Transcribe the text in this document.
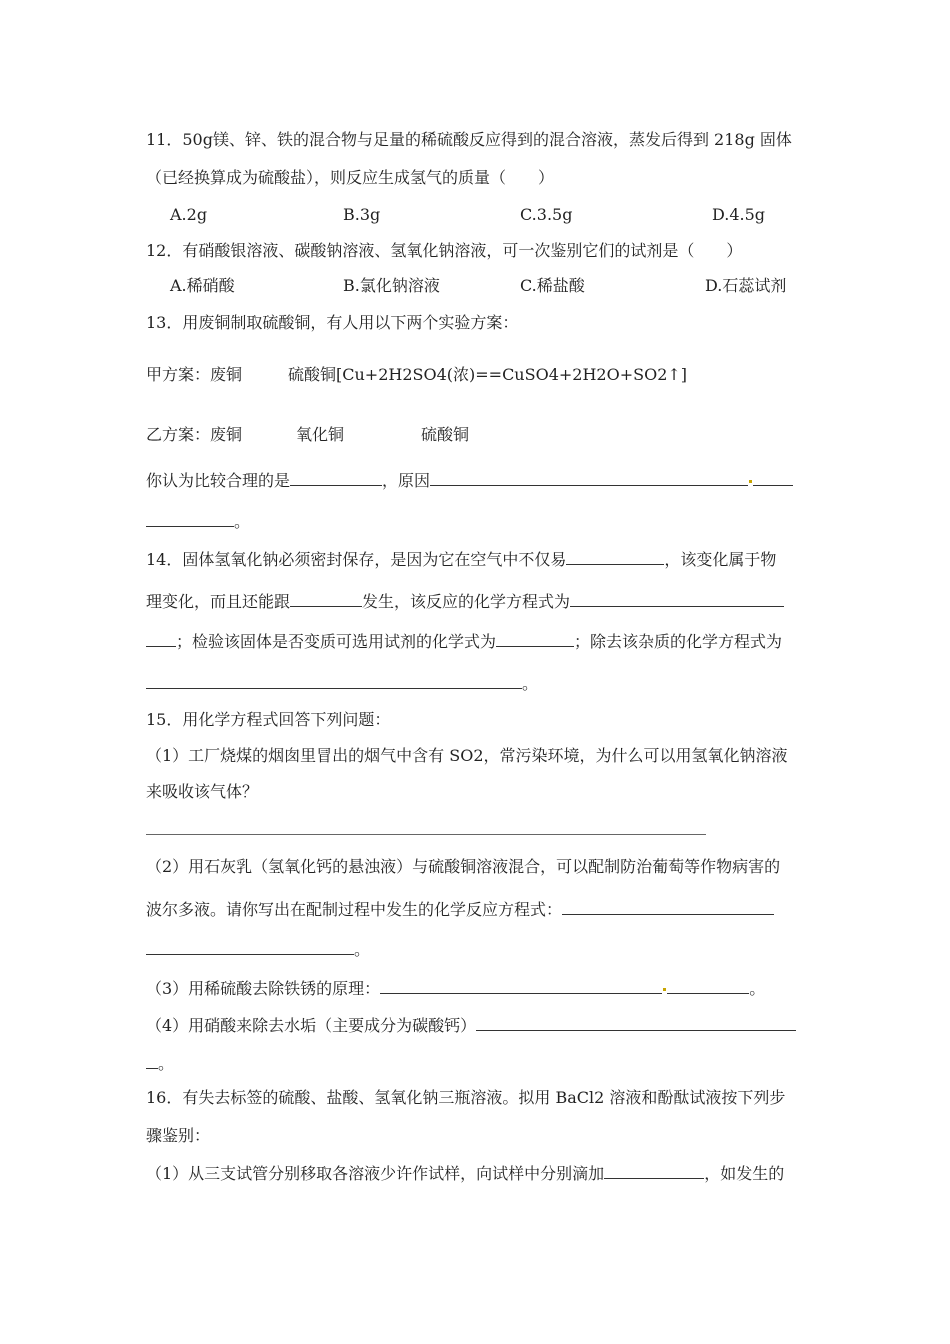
11．50g镁、锌、铁的混合物与足量的稀硫酸反应得到的混合溶液，蒸发后得到 218g 固体
（已经换算成为硫酸盐），则反应生成氢气的质量（　　）
A.2g	B.3g	C.3.5g	D.4.5g
12．有硝酸银溶液、碳酸钠溶液、氢氧化钠溶液，可一次鉴别它们的试剂是（　　）
A.稀硝酸	B.氯化钠溶液	C.稀盐酸	D.石蕊试剂
13．用废铜制取硫酸铜，有人用以下两个实验方案：
甲方案：废铜	硫酸铜[Cu+2H2SO4(浓)==CuSO4+2H2O+SO2↑]
乙方案：废铜	氧化铜	硫酸铜
你认为比较合理的是	，原因
。
14．固体氢氧化钠必须密封保存，是因为它在空气中不仅易	，该变化属于物
理变化，而且还能跟	发生，该反应的化学方程式为
；检验该固体是否变质可选用试剂的化学式为	；除去该杂质的化学方程式为
。
15．用化学方程式回答下列问题：
（1）工厂烧煤的烟囱里冒出的烟气中含有 SO2，常污染环境，为什么可以用氢氧化钠溶液
来吸收该气体？
（2）用石灰乳（氢氧化钙的悬浊液）与硫酸铜溶液混合，可以配制防治葡萄等作物病害的
波尔多液。请你写出在配制过程中发生的化学反应方程式：
。
（3）用稀硫酸去除铁锈的原理：	。
（4）用硝酸来除去水垢（主要成分为碳酸钙）
。
16．有失去标签的硫酸、盐酸、氢氧化钠三瓶溶液。拟用 BaCl2 溶液和酚酞试液按下列步
骤鉴别：
（1）从三支试管分别移取各溶液少许作试样，向试样中分别滴加	，如发生的
